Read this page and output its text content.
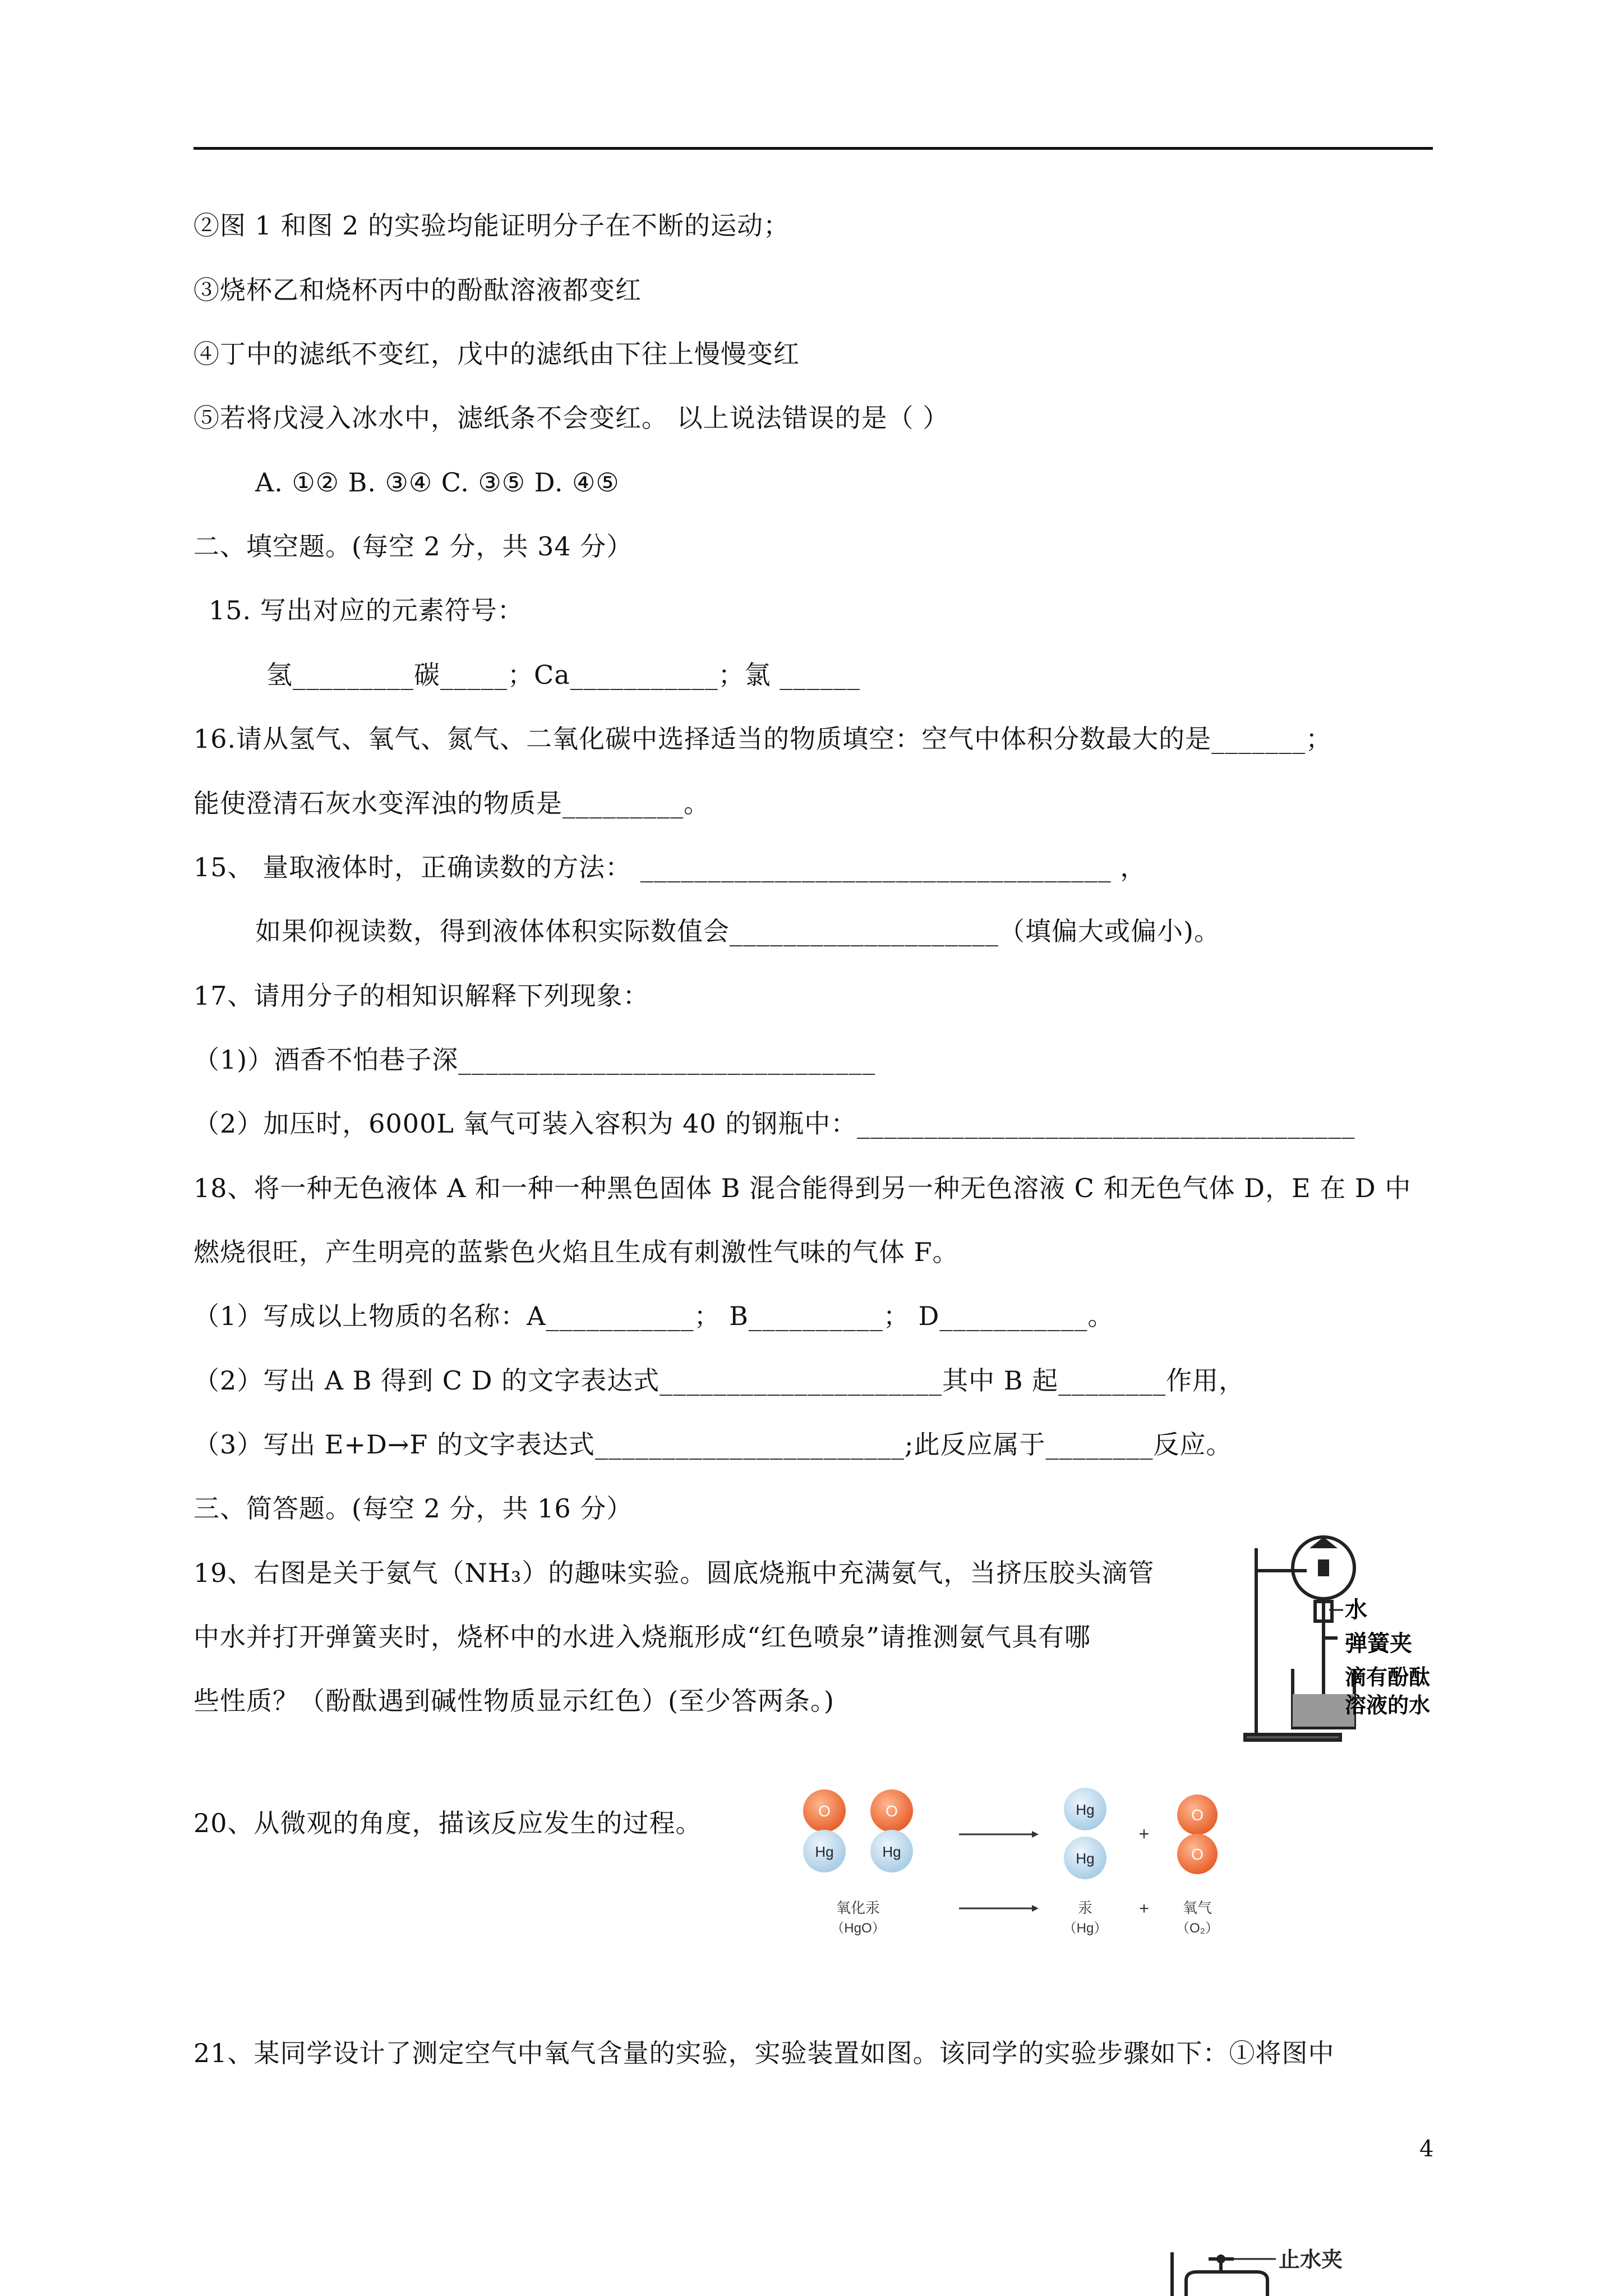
②图 1 和图 2 的实验均能证明分子在不断的运动；
③烧杯乙和烧杯丙中的酚酞溶液都变红
④丁中的滤纸不变红，戊中的滤纸由下往上慢慢变红
⑤若将戊浸入冰水中，滤纸条不会变红。 以上说法错误的是（ ）
A. ①② B. ③④ C. ③⑤ D. ④⑤
二、填空题。(每空 2 分，共 34 分）
15. 写出对应的元素符号：
氢_________碳_____；Ca___________；氯 ______
16.请从氢气、氧气、氮气、二氧化碳中选择适当的物质填空：空气中体积分数最大的是_______；
能使澄清石灰水变浑浊的物质是_________。
15、 量取液体时，正确读数的方法： ___________________________________ ，
如果仰视读数，得到液体体积实际数值会____________________（填偏大或偏小)。
17、请用分子的相知识解释下列现象：
（1)）酒香不怕巷子深_______________________________
（2）加压时，6000L 氧气可装入容积为 40 的钢瓶中：_____________________________________
18、将一种无色液体 A 和一种一种黑色固体 B 混合能得到另一种无色溶液 C 和无色气体 D，E 在 D 中
燃烧很旺，产生明亮的蓝紫色火焰且生成有刺激性气味的气体 F。
（1）写成以上物质的名称：A___________； B__________； D___________。
（2）写出 A B 得到 C D 的文字表达式_____________________其中 B 起________作用，
（3）写出 E+D→F 的文字表达式_______________________;此反应属于________反应。
三、简答题。(每空 2 分，共 16 分）
19、右图是关于氨气（NH₃）的趣味实验。圆底烧瓶中充满氨气，当挤压胶头滴管
中水并打开弹簧夹时，烧杯中的水进入烧瓶形成“红色喷泉”请推测氨气具有哪
些性质？（酚酞遇到碱性物质显示红色）(至少答两条。)
20、从微观的角度，描该反应发生的过程。
21、某同学设计了测定空气中氧气含量的实验，实验装置如图。该同学的实验步骤如下：①将图中
水
弹簧夹
滴有酚酞
溶液的水
O
Hg
O
Hg
Hg
Hg
+
O
O
氧化汞
（HgO）
汞
（Hg）
+ 氧气
（O₂）
4
止水夹
